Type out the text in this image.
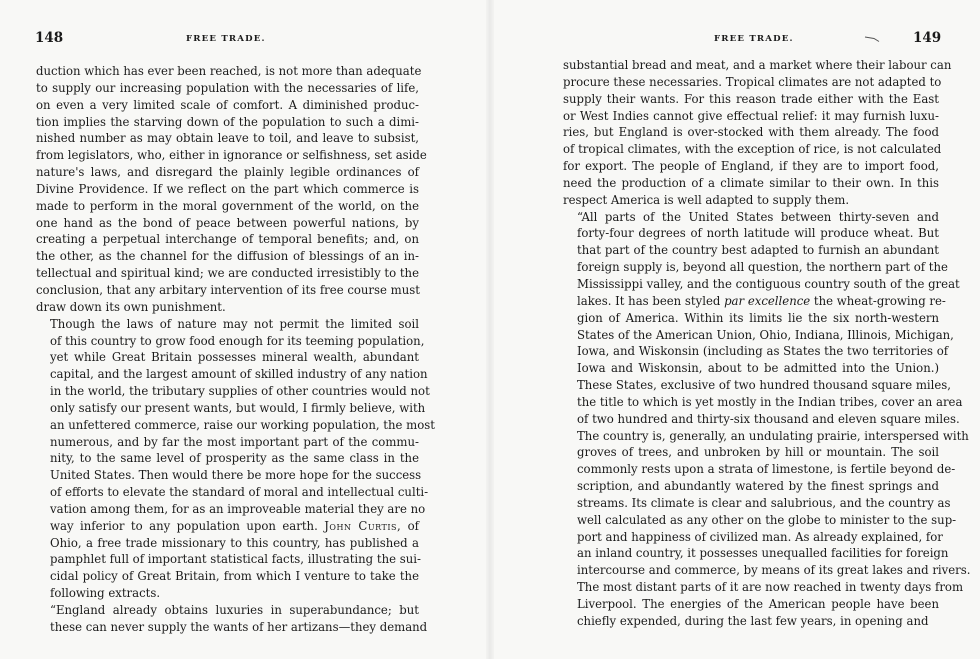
148	FREE TRADE.

duction which has ever been reached, is not more than adequate
to supply our increasing population with the necessaries of life,
on even a very limited scale of comfort. A diminished produc-
tion implies the starving down of the population to such a dimi-
nished number as may obtain leave to toil, and leave to subsist,
from legislators, who, either in ignorance or selfishness, set aside
nature's laws, and disregard the plainly legible ordinances of
Divine Providence. If we reflect on the part which commerce is
made to perform in the moral government of the world, on the
one hand as the bond of peace between powerful nations, by
creating a perpetual interchange of temporal benefits; and, on
the other, as the channel for the diffusion of blessings of an in-
tellectual and spiritual kind; we are conducted irresistibly to the
conclusion, that any arbitary intervention of its free course must
draw down its own punishment.

Though the laws of nature may not permit the limited soil
of this country to grow food enough for its teeming population,
yet while Great Britain possesses mineral wealth, abundant
capital, and the largest amount of skilled industry of any nation
in the world, the tributary supplies of other countries would not
only satisfy our present wants, but would, I firmly believe, with
an unfettered commerce, raise our working population, the most
numerous, and by far the most important part of the commu-
nity, to the same level of prosperity as the same class in the
United States. Then would there be more hope for the success
of efforts to elevate the standard of moral and intellectual culti-
vation among them, for as an improveable material they are no
way inferior to any population upon earth. John Curtis, of
Ohio, a free trade missionary to this country, has published a
pamphlet full of important statistical facts, illustrating the sui-
cidal policy of Great Britain, from which I venture to take the
following extracts.

“England already obtains luxuries in superabundance; but
these can never supply the wants of her artizans—they demand

FREE TRADE.	149

substantial bread and meat, and a market where their labour can
procure these necessaries. Tropical climates are not adapted to
supply their wants. For this reason trade either with the East
or West Indies cannot give effectual relief: it may furnish luxu-
ries, but England is over-stocked with them already. The food
of tropical climates, with the exception of rice, is not calculated
for export. The people of England, if they are to import food,
need the production of a climate similar to their own. In this
respect America is well adapted to supply them.

“All parts of the United States between thirty-seven and
forty-four degrees of north latitude will produce wheat. But
that part of the country best adapted to furnish an abundant
foreign supply is, beyond all question, the northern part of the
Mississippi valley, and the contiguous country south of the great
lakes. It has been styled par excellence the wheat-growing re-
gion of America. Within its limits lie the six north-western
States of the American Union, Ohio, Indiana, Illinois, Michigan,
Iowa, and Wiskonsin (including as States the two territories of
Iowa and Wiskonsin, about to be admitted into the Union.)
These States, exclusive of two hundred thousand square miles,
the title to which is yet mostly in the Indian tribes, cover an area
of two hundred and thirty-six thousand and eleven square miles.
The country is, generally, an undulating prairie, interspersed with
groves of trees, and unbroken by hill or mountain. The soil
commonly rests upon a strata of limestone, is fertile beyond de-
scription, and abundantly watered by the finest springs and
streams. Its climate is clear and salubrious, and the country as
well calculated as any other on the globe to minister to the sup-
port and happiness of civilized man. As already explained, for
an inland country, it possesses unequalled facilities for foreign
intercourse and commerce, by means of its great lakes and rivers.
The most distant parts of it are now reached in twenty days from
Liverpool. The energies of the American people have been
chiefly expended, during the last few years, in opening and
